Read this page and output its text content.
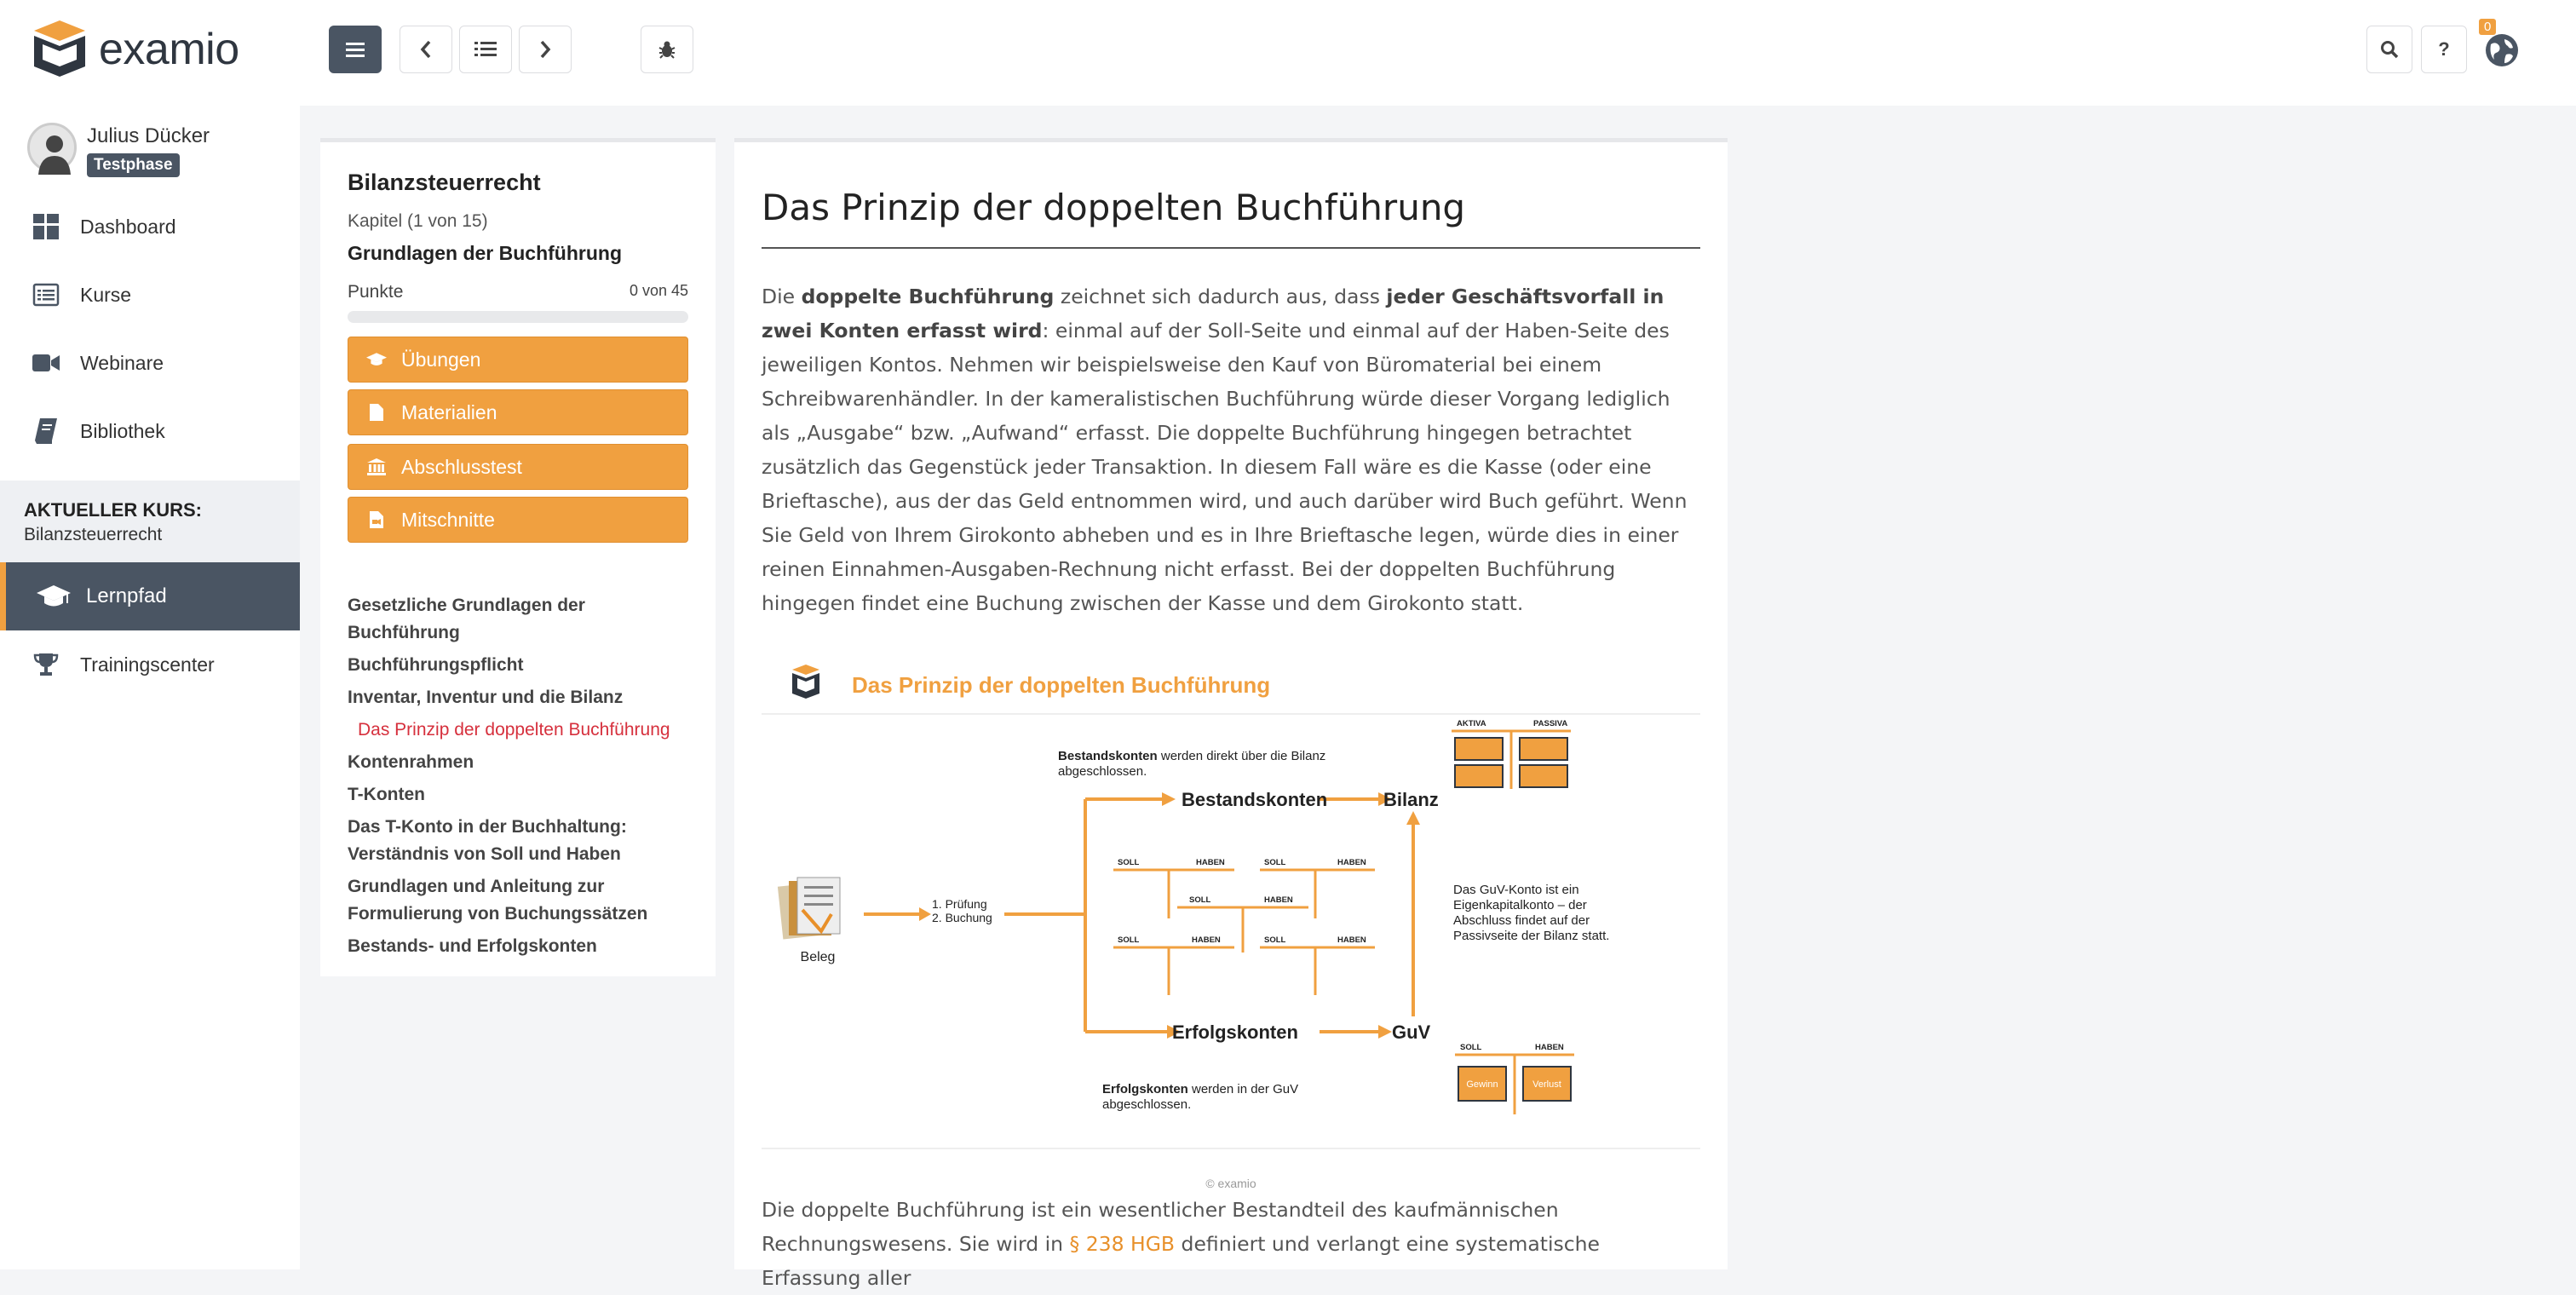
examio	?
0
Julius Dücker
Testphase
Dashboard
Kurse
Webinare
Bibliothek
AKTUELLER KURS:
Bilanzsteuerrecht
Lernpfad
Trainingscenter
Bilanzsteuerrecht
Kapitel (1 von 15)
Grundlagen der Buchführung
Punkte	0 von 45
Übungen
Materialien
Abschlusstest
Mitschnitte
Gesetzliche Grundlagen der Buchführung
Buchführungspflicht
Inventar, Inventur und die Bilanz
Das Prinzip der doppelten Buchführung
Kontenrahmen
T-Konten
Das T-Konto in der Buchhaltung: Verständnis von Soll und Haben
Grundlagen und Anleitung zur Formulierung von Buchungssätzen
Bestands- und Erfolgskonten
Das Prinzip der doppelten Buchführung

Die doppelte Buchführung zeichnet sich dadurch aus, dass jeder Geschäftsvorfall in zwei Konten erfasst wird: einmal auf der Soll-Seite und einmal auf der Haben-Seite des jeweiligen Kontos. Nehmen wir beispielsweise den Kauf von Büromaterial bei einem Schreibwarenhändler. In der kameralistischen Buchführung würde dieser Vorgang lediglich als „Ausgabe“ bzw. „Aufwand“ erfasst. Die doppelte Buchführung hingegen betrachtet zusätzlich das Gegenstück jeder Transaktion. In diesem Fall wäre es die Kasse (oder eine Brieftasche), aus der das Geld entnommen wird, und auch darüber wird Buch geführt. Wenn Sie Geld von Ihrem Girokonto abheben und es in Ihre Brieftasche legen, würde dies in einer reinen Einnahmen-Ausgaben-Rechnung nicht erfasst. Bei der doppelten Buchführung hingegen findet eine Buchung zwischen der Kasse und dem Girokonto statt.

Das Prinzip der doppelten Buchführung
Bestandskonten werden direkt über die Bilanz
abgeschlossen.
Beleg
1. Prüfung
2. Buchung
Bestandskonten	Bilanz
Erfolgskonten	GuV
SOLL	HABEN	SOLL	HABEN
SOLL	HABEN
SOLL	HABEN	SOLL	HABEN
AKTIVA	PASSIVA
Das GuV-Konto ist ein
Eigenkapitalkonto – der
Abschluss findet auf der
Passivseite der Bilanz statt.
SOLL	HABEN
Gewinn	Verlust
Erfolgskonten werden in der GuV
abgeschlossen.
© examio

Die doppelte Buchführung ist ein wesentlicher Bestandteil des kaufmännischen Rechnungswesens. Sie wird in § 238 HGB definiert und verlangt eine systematische Erfassung aller
